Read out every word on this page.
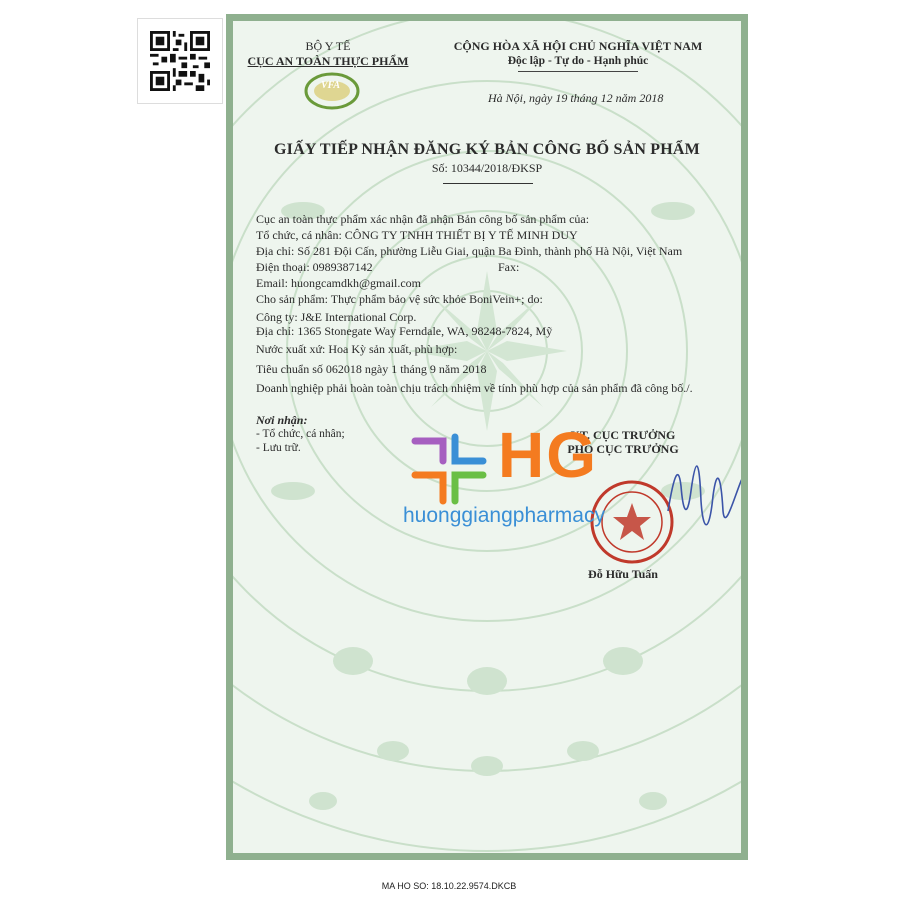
BỘ Y TẾ
CỤC AN TOÀN THỰC PHẨM
VFA
CỘNG HÒA XÃ HỘI CHỦ NGHĨA VIỆT NAM
Độc lập - Tự do - Hạnh phúc
Hà Nội, ngày 19 tháng 12 năm 2018
GIẤY TIẾP NHẬN ĐĂNG KÝ BẢN CÔNG BỐ SẢN PHẨM
Số: 10344/2018/ĐKSP
Cục an toàn thực phẩm xác nhận đã nhận Bản công bố sản phẩm của:
Tổ chức, cá nhân: CÔNG TY TNHH THIẾT BỊ Y TẾ MINH DUY
Địa chỉ: Số 281 Đội Cấn, phường Liễu Giai, quận Ba Đình, thành phố Hà Nội, Việt Nam
Điện thoại: 0989387142	Fax:
Email: huongcamdkh@gmail.com
Cho sản phẩm: Thực phẩm bảo vệ sức khỏe BoniVein+; do:
Công ty: J&E International Corp.
Địa chỉ: 1365 Stonegate Way Ferndale, WA, 98248-7824, Mỹ
Nước xuất xứ: Hoa Kỳ sản xuất, phù hợp:
Tiêu chuẩn số 062018 ngày 1 tháng 9 năm 2018
Doanh nghiệp phải hoàn toàn chịu trách nhiệm về tính phù hợp của sản phẩm đã công bố./.
Nơi nhận:
- Tổ chức, cá nhân;
- Lưu trữ.
KT. CỤC TRƯỞNG
PHÓ CỤC TRƯỞNG
Đỗ Hữu Tuấn
HG
huonggiangpharmacy
MA HO SO: 18.10.22.9574.DKCB
